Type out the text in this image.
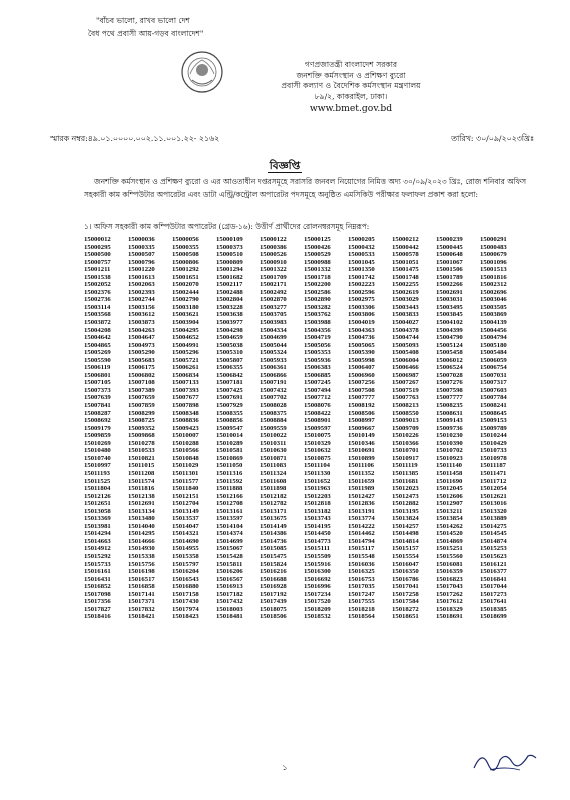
"বাঁচব ভালো, রাখব ভালো দেশ
বৈধ পথে প্রবাসী আয়-গড়ব বাংলাদেশ"
গণপ্রজাতন্ত্রী বাংলাদেশ সরকার
জনশক্তি কর্মসংস্থান ও প্রশিক্ষণ ব্যুরো
প্রবাসী কল্যাণ ও বৈদেশিক কর্মসংস্থান মন্ত্রণালয়
৮৯/২, কাকরাইল, ঢাকা।
www.bmet.gov.bd
স্মারক নম্বর:৪৯.০১.০০০০.০০২.১১.০০১.২২- ২১৬২	তারিখ: ৩০/০৯/২০২৩খ্রিঃ
বিজ্ঞপ্তি
জনশক্তি কর্মসংস্থান ও প্রশিক্ষণ ব্যুরো ও এর আওতাধীন দপ্তরসমূহে সরাসরি জনবল নিয়োগের নিমিত্ত অদ্য ৩০/০৯/২০২৩ খ্রিঃ, রোজ শনিবার অফিস সহকারী কাম কম্পিউটার অপারেটর এবং ডাটা এন্ট্রি/কন্ট্রোল অপারেটর পদসমূহে অনুষ্ঠিত এমসিকিউ পরীক্ষার ফলাফল প্রকাশ করা হলো:
১। অফিস সহকারী কাম কম্পিউটার অপারেটর (গ্রেড-১৬): উত্তীর্ণ প্রার্থীদের রোলনম্বরসমূহ নিম্নরূপ:
15000012	15000036	15000056	15000109	15000122	15000125	15000205	15000212	15000239	15000291
15000295	15000335	15000355	15000373	15000386	15000426	15000432	15000442	15000445	15000483
15000500	15000507	15000508	15000510	15000526	15000529	15000533	15000578	15000648	15000679
15000757	15000796	15000806	15000809	15000910	15000988	15001045	15001051	15001067	15001096
15001211	15001220	15001292	15001294	15001322	15001332	15001350	15001475	15001506	15001513
15001538	15001613	15001651	15001682	15001709	15001718	15001742	15001748	15001789	15001816
15002052	15002063	15002070	15002117	15002171	15002200	15002223	15002255	15002266	15002312
15002376	15002393	15002444	15002488	15002492	15002586	15002596	15002619	15002691	15002696
15002736	15002744	15002790	15002804	15002870	15002890	15002975	15003029	15003031	15003046
15003114	15003156	15003180	15003228	15003277	15003282	15003306	15003443	15003495	15003505
15003568	15003612	15003621	15003638	15003705	15003762	15003806	15003833	15003845	15003869
15003872	15003873	15003904	15003977	15003983	15003988	15004019	15004027	15004102	15004139
15004208	15004263	15004295	15004298	15004334	15004356	15004363	15004378	15004399	15004456
15004642	15004647	15004652	15004659	15004699	15004719	15004736	15004744	15004790	15004794
15004865	15004973	15004991	15005038	15005044	15005056	15005065	15005093	15005124	15005180
15005269	15005290	15005296	15005310	15005324	15005353	15005390	15005408	15005458	15005484
15005590	15005683	15005721	15005807	15005933	15005936	15005998	15006004	15006012	15006059
15006119	15006175	15006261	15006355	15006361	15006383	15006407	15006466	15006524	15006754
15006801	15006802	15006834	15006842	15006866	15006885	15006960	15006987	15007028	15007031
15007105	15007108	15007133	15007181	15007191	15007245	15007256	15007267	15007276	15007317
15007373	15007389	15007393	15007425	15007432	15007494	15007508	15007519	15007598	15007603
15007639	15007659	15007677	15007691	15007702	15007712	15007777	15007763	15007777	15007784
15007841	15007859	15007898	15007929	15008028	15008076	15008192	15008213	15008235	15008241
15008287	15008299	15008348	15008355	15008375	15008422	15008506	15008550	15008631	15008645
15008692	15008725	15008836	15008856	15008884	15008901	15008997	15009013	15009143	15009153
15009179	15009352	15009423	15009547	15009559	15009597	15009667	15009709	15009736	15009789
15009859	15009868	15010007	15010014	15010022	15010075	15010149	15010226	15010230	15010244
15010269	15010278	15010288	15010289	15010311	15010329	15010346	15010366	15010390	15010429
15010480	15010533	15010566	15010581	15010630	15010632	15010691	15010701	15010702	15010733
15010740	15010821	15010848	15010869	15010871	15010875	15010899	15010917	15010923	15010978
15010997	15011015	15011029	15011050	15011083	15011104	15011106	15011119	15011140	15011187
15011193	15011208	15011301	15011316	15011324	15011330	15011352	15011385	15011458	15011471
15011525	15011574	15011577	15011592	15011608	15011652	15011659	15011681	15011690	15011712
15011804	15011816	15011840	15011888	15011898	15011963	15011989	15012023	15012045	15012054
15012126	15012138	15012151	15012166	15012182	15012203	15012427	15012473	15012606	15012621
15012651	15012691	15012704	15012708	15012782	15012818	15012836	15012882	15012907	15013016
15013058	15013134	15013149	15013161	15013171	15013182	15013191	15013195	15013211	15013320
15013369	15013480	15013537	15013597	15013675	15013743	15013774	15013824	15013854	15013889
15013981	15014040	15014047	15014104	15014149	15014195	15014222	15014257	15014262	15014275
15014294	15014295	15014321	15014374	15014386	15014450	15014462	15014498	15014520	15014545
15014663	15014666	15014690	15014699	15014736	15014773	15014794	15014814	15014869	15014874
15014912	15014930	15014955	15015067	15015085	15015111	15015117	15015157	15015251	15015253
15015292	15015338	15015358	15015428	15015475	15015509	15015548	15015554	15015560	15015623
15015733	15015756	15015797	15015811	15015824	15015916	15016036	15016047	15016081	15016121
15016161	15016198	15016204	15016206	15016216	15016300	15016325	15016350	15016359	15016377
15016431	15016517	15016543	15016567	15016688	15016692	15016753	15016786	15016823	15016841
15016852	15016858	15016880	15016913	15016928	15016996	15017035	15017041	15017043	15017044
15017098	15017141	15017158	15017182	15017192	15017234	15017247	15017258	15017262	15017273
15017356	15017371	15017430	15017432	15017439	15017520	15017555	15017584	15017612	15017641
15017827	15017832	15017974	15018003	15018075	15018209	15018218	15018272	15018329	15018385
15018416	15018421	15018423	15018481	15018506	15018532	15018564	15018651	15018691	15018699
১
